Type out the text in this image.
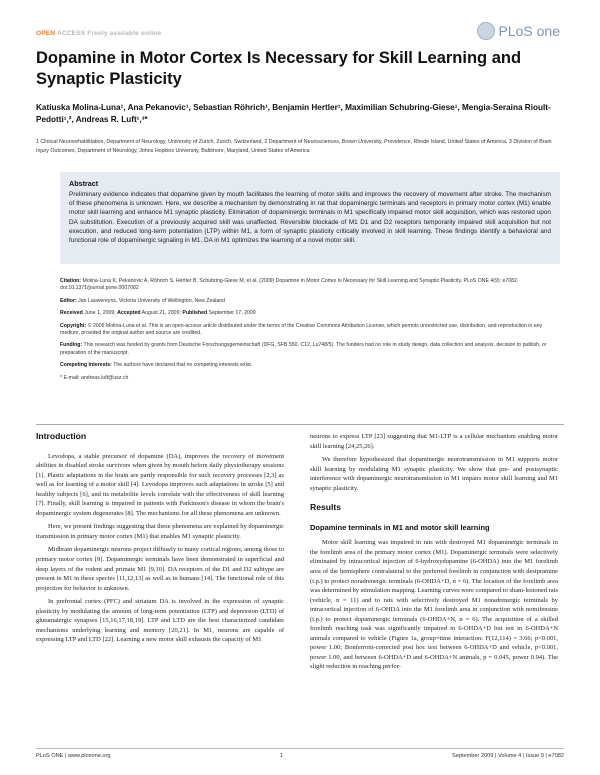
OPEN ACCESS Freely available online	PLoS one
Dopamine in Motor Cortex Is Necessary for Skill Learning and Synaptic Plasticity
Katiuska Molina-Luna¹, Ana Pekanovic¹, Sebastian Röhrich¹, Benjamin Hertler¹, Maximilian Schubring-Giese¹, Mengia-Seraina Rioult-Pedotti¹,², Andreas R. Luft¹,³*
1 Clinical Neurorehabilitation, Department of Neurology, University of Zurich, Zurich, Switzerland, 2 Department of Neurosciences, Brown University, Providence, Rhode Island, United States of America, 3 Division of Brain Injury Outcomes, Department of Neurology, Johns Hopkins University, Baltimore, Maryland, United States of America
Abstract
Preliminary evidence indicates that dopamine given by mouth facilitates the learning of motor skills and improves the recovery of movement after stroke. The mechanism of these phenomena is unknown. Here, we describe a mechanism by demonstrating in rat that dopaminergic terminals and receptors in primary motor cortex (M1) enable motor skill learning and enhance M1 synaptic plasticity. Elimination of dopaminergic terminals in M1 specifically impaired motor skill acquisition, which was restored upon DA substitution. Execution of a previously acquired skill was unaffected. Reversible blockade of M1 D1 and D2 receptors temporarily impaired skill acquisition but not execution, and reduced long-term potentiation (LTP) within M1, a form of synaptic plasticity critically involved in skill learning. These findings identify a behavioral and functional role of dopaminergic signaling in M1. DA in M1 optimizes the learning of a novel motor skill.

Citation: Molina-Luna K, Pekanovic A, Röhrich S, Hertler B, Schubring-Giese M, et al. (2009) Dopamine in Motor Cortex Is Necessary for Skill Learning and Synaptic Plasticity. PLoS ONE 4(9): e7082. doi:10.1371/journal.pone.0007082

Editor: Jan Lauwereyns, Victoria University of Wellington, New Zealand

Received June 1, 2009; Accepted August 21, 2009; Published September 17, 2009

Copyright: © 2009 Molina-Luna et al. This is an open-access article distributed under the terms of the Creative Commons Attribution License, which permits unrestricted use, distribution, and reproduction in any medium, provided the original author and source are credited.

Funding: This research was funded by grants from Deutsche Forschungsgemeinschaft (DFG, SFB 550, C12, Lu748/5). The funders had no role in study design, data collection and analysis, decision to publish, or preparation of the manuscript.

Competing Interests: The authors have declared that no competing interests exist.

* E-mail: andreas.luft@usz.ch

Introduction

Levodopa, a stable precursor of dopamine (DA), improves the recovery of movement abilities in disabled stroke survivors when given by mouth before daily physiotherapy sessions [1]. Plastic adaptations in the brain are partly responsible for such recovery processes [2,3] as well as for learning of a motor skill [4]. Levodopa improves such adaptations in stroke [5] and healthy subjects [6], and its metabolite levels correlate with the effectiveness of skill learning [7]. Finally, skill learning is impaired in patients with Parkinson's disease in whom the brain's dopaminergic system degenerates [8]. The mechanisms for all these phenomena are unknown.

Here, we present findings suggesting that these phenomena are explained by dopaminergic transmission in primary motor cortex (M1) that enables M1 synaptic plasticity.

Midbrain dopaminergic neurons project diffusely to many cortical regions, among those to primary motor cortex [9]. Dopaminergic terminals have been demonstrated in superficial and deep layers of the rodent and primate M1 [9,10]. DA receptors of the D1 and D2 subtype are present in M1 in these species [11,12,13] as well as in humans [14]. The functional role of this projection for behavior is unknown.

In prefrontal cortex (PFC) and striatum DA is involved in the expression of synaptic plasticity by modulating the amount of long-term potentiation (LTP) and depression (LTD) of glutamatergic synapses [15,16,17,18,19]. LTP and LTD are the best characterized candidate mechanisms underlying learning and memory [20,21]. In M1, neurons are capable of expressing LTP and LTD [22]. Learning a new motor skill exhausts the capacity of M1

neurons to express LTP [23] suggesting that M1-LTP is a cellular mechanism enabling motor skill learning [24,25,26].

We therefore hypothesized that dopaminergic neurotransmission in M1 supports motor skill learning by modulating M1 synaptic plasticity. We show that pre- and postsynaptic interference with dopaminergic neurotransmission in M1 impairs motor skill learning and M1 synaptic plasticity.

Results
Dopamine terminals in M1 and motor skill learning

Motor skill learning was impaired in rats with destroyed M1 dopaminergic terminals in the forelimb area of the primary motor cortex (M1). Dopaminergic terminals were selectively eliminated by intracortical injection of 6-hydroxydopamine (6-OHDA) into the M1 forelimb area of the hemisphere contralateral to the preferred forelimb in conjunction with desipramine (i.p.) to protect noradrenergic terminals (6-OHDA+D, n = 6). The location of the forelimb area was determined by stimulation mapping. Learning curves were compared to sham-lesioned rats (vehicle, n = 11) and to rats with selectively destroyed M1 noradrenergic terminals by intracortical injection of 6-OHDA into the M1 forelimb area in conjunction with nomifensine (i.p.) to protect dopaminergic terminals (6-OHDA+N, n = 6). The acquisition of a skilled forelimb reaching task was significantly impaired in 6-OHDA+D but not in 6-OHDA+N animals compared to vehicle (Figure 1a, group×time interaction: F(12,114) = 3.66; p<0.001, power 1.00; Bonferroni-corrected post hoc test between 6-OHDA+D and vehicle, p<0.001, power 1.00, and between 6-OHDA+D and 6-OHDA+N animals, p = 0.045, power 0.94). The slight reduction in reaching perfor-

PLoS ONE | www.plosone.org	1	September 2009 | Volume 4 | Issue 9 | e7082
